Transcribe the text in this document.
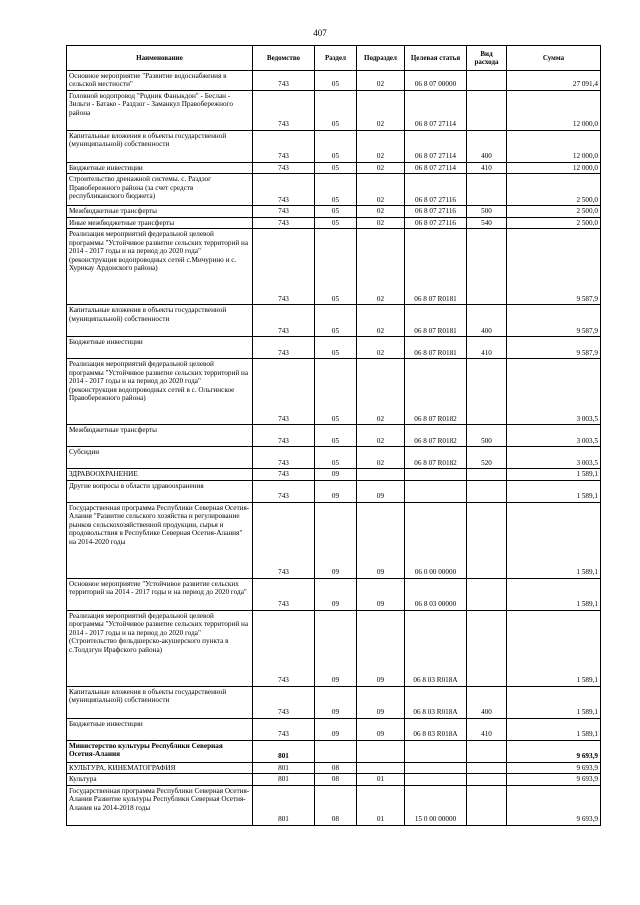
407
Наименование	Ведомство	Раздел	Подраздел	Целевая статья	Вид расхода	Сумма
Основное мероприятие "Развитие водоснабжения в сельской местности"	743	05	02	06 8 07 00000		27 091,4
Головной водопровод "Родник Фаныкдон" - Беслан - Зильги - Батако - Раздзог - Заманкул Правобережного района	743	05	02	06 8 07 27114		12 000,0
Капитальные вложения в объекты государственной (муниципальной) собственности	743	05	02	06 8 07 27114	400	12 000,0
Бюджетные инвестиции	743	05	02	06 8 07 27114	410	12 000,0
Строительство дренажной системы. с. Раздзог Правобережного района (за счет средств республиканского бюджета)	743	05	02	06 8 07 27116		2 500,0
Межбюджетные трансферты	743	05	02	06 8 07 27116	500	2 500,0
Иные межбюджетные трансферты	743	05	02	06 8 07 27116	540	2 500,0
Реализация мероприятий федеральной целевой программы "Устойчивое развитие сельских территорий на 2014 - 2017 годы и на период до 2020 года" (реконструкция водопроводных сетей с.Мичурино и с. Хурикау Ардонского района)	743	05	02	06 8 07 R0181		9 587,9
Капитальные вложения в объекты государственной (муниципальной) собственности	743	05	02	06 8 07 R0181	400	9 587,9
Бюджетные инвестиции	743	05	02	06 8 07 R0181	410	9 587,9
Реализация мероприятий федеральной целевой программы "Устойчивое развитие сельских территорий на 2014 - 2017 годы и на период до 2020 года" (реконструкция водопроводных сетей в с. Ольгинское Правобережного района)	743	05	02	06 8 07 R0182		3 003,5
Межбюджетные трансферты	743	05	02	06 8 07 R0182	500	3 003,5
Субсидии	743	05	02	06 8 07 R0182	520	3 003,5
ЗДРАВООХРАНЕНИЕ	743	09				1 589,1
Другие вопросы в области здравоохранения	743	09	09			1 589,1
Государственная программа Республики Северная Осетия-Алания "Развитие сельского хозяйства и регулирование рынков сельскохозяйственной продукции, сырья и продовольствия в Республике Северная Осетия-Алания" на 2014-2020 годы	743	09	09	06 0 00 00000		1 589,1
Основное мероприятие "Устойчивое развитие сельских территорий на 2014 - 2017 годы и на период до 2020 года"	743	09	09	06 8 03 00000		1 589,1
Реализация мероприятий федеральной целевой программы "Устойчивое развитие сельских территорий на 2014 - 2017 годы и на период до 2020 года" (Строительство фельдшерско-акушерского пункта в с.Толдзгун Ирафского района)	743	09	09	06 8 03 R018A		1 589,1
Капитальные вложения в объекты государственной (муниципальной) собственности	743	09	09	06 8 03 R018A	400	1 589,1
Бюджетные инвестиции	743	09	09	06 8 03 R018A	410	1 589,1
Министерство культуры Республики Северная Осетия-Алания	801					9 693,9
КУЛЬТУРА, КИНЕМАТОГРАФИЯ	801	08				9 693,9
Культура	801	08	01			9 693,9
Государственная программа Республики Северная Осетия-Алания Развитие культуры Республики Северная Осетия-Алания на 2014-2018 годы	801	08	01	15 0 00 00000		9 693,9
